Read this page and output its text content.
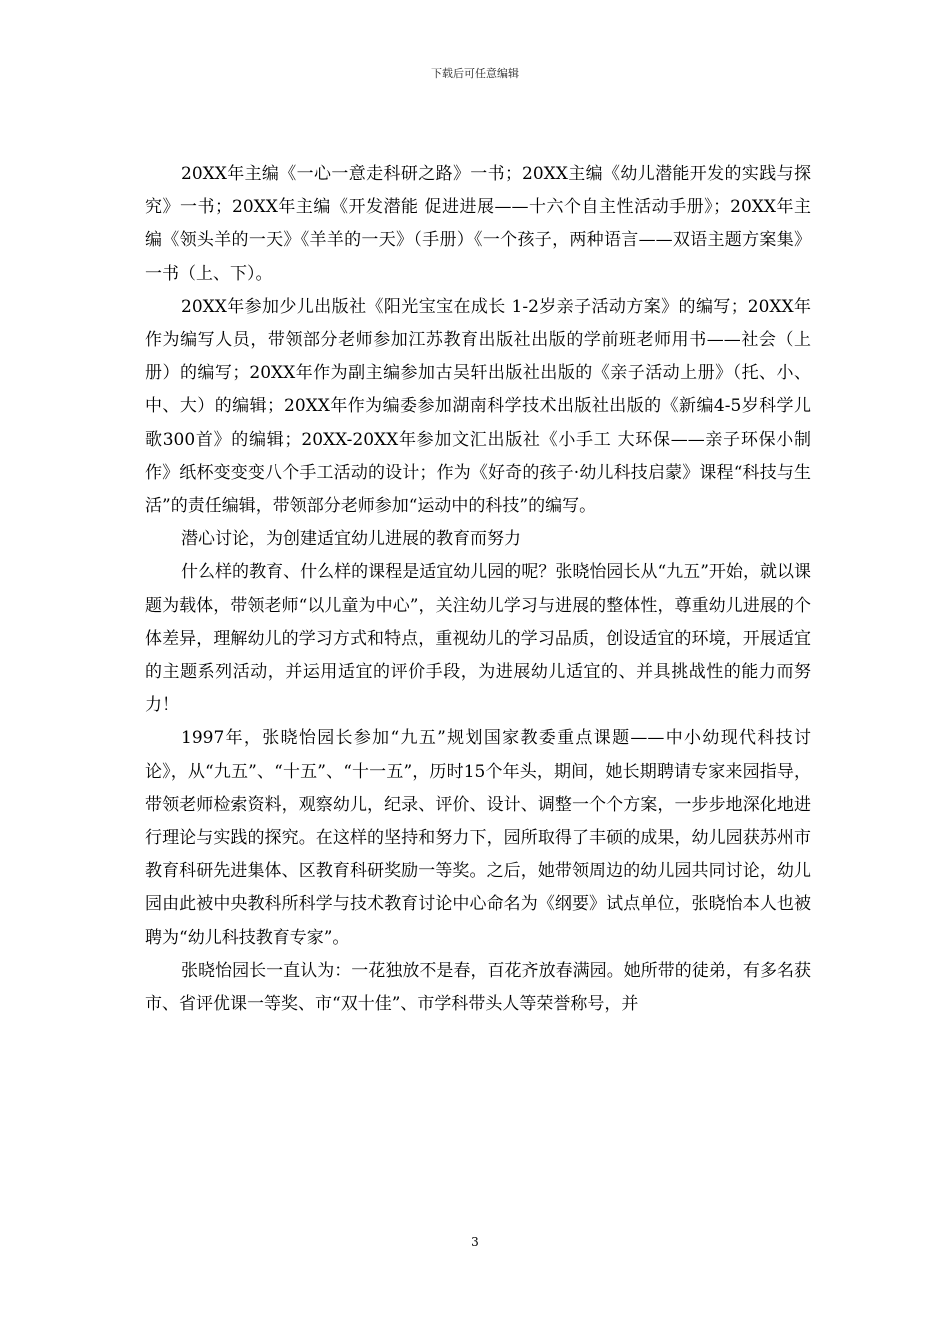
下载后可任意编辑

20XX年主编《一心一意走科研之路》一书；20XX主编《幼儿潜能开发的实践与探究》一书；20XX年主编《开发潜能 促进进展——十六个自主性活动手册》；20XX年主编《领头羊的一天》《羊羊的一天》（手册）《一个孩子，两种语言——双语主题方案集》一书（上、下）。

20XX年参加少儿出版社《阳光宝宝在成长 1-2岁亲子活动方案》的编写；20XX年作为编写人员，带领部分老师参加江苏教育出版社出版的学前班老师用书——社会（上册）的编写；20XX年作为副主编参加古吴轩出版社出版的《亲子活动上册》（托、小、中、大）的编辑；20XX年作为编委参加湖南科学技术出版社出版的《新编4-5岁科学儿歌300首》的编辑；20XX-20XX年参加文汇出版社《小手工 大环保——亲子环保小制作》纸杯变变变八个手工活动的设计；作为《好奇的孩子·幼儿科技启蒙》课程“科技与生活”的责任编辑，带领部分老师参加“运动中的科技”的编写。

潜心讨论，为创建适宜幼儿进展的教育而努力

什么样的教育、什么样的课程是适宜幼儿园的呢？张晓怡园长从“九五”开始，就以课题为载体，带领老师“以儿童为中心”，关注幼儿学习与进展的整体性，尊重幼儿进展的个体差异，理解幼儿的学习方式和特点，重视幼儿的学习品质，创设适宜的环境，开展适宜的主题系列活动，并运用适宜的评价手段，为进展幼儿适宜的、并具挑战性的能力而努力！

1997年，张晓怡园长参加“九五”规划国家教委重点课题——中小幼现代科技讨论》，从“九五”、“十五”、“十一五”，历时15个年头，期间，她长期聘请专家来园指导，带领老师检索资料，观察幼儿，纪录、评价、设计、调整一个个方案，一步步地深化地进行理论与实践的探究。在这样的坚持和努力下，园所取得了丰硕的成果，幼儿园获苏州市教育科研先进集体、区教育科研奖励一等奖。之后，她带领周边的幼儿园共同讨论，幼儿园由此被中央教科所科学与技术教育讨论中心命名为《纲要》试点单位，张晓怡本人也被聘为“幼儿科技教育专家”。

张晓怡园长一直认为：一花独放不是春，百花齐放春满园。她所带的徒弟，有多名获市、省评优课一等奖、市“双十佳”、市学科带头人等荣誉称号，并

3
